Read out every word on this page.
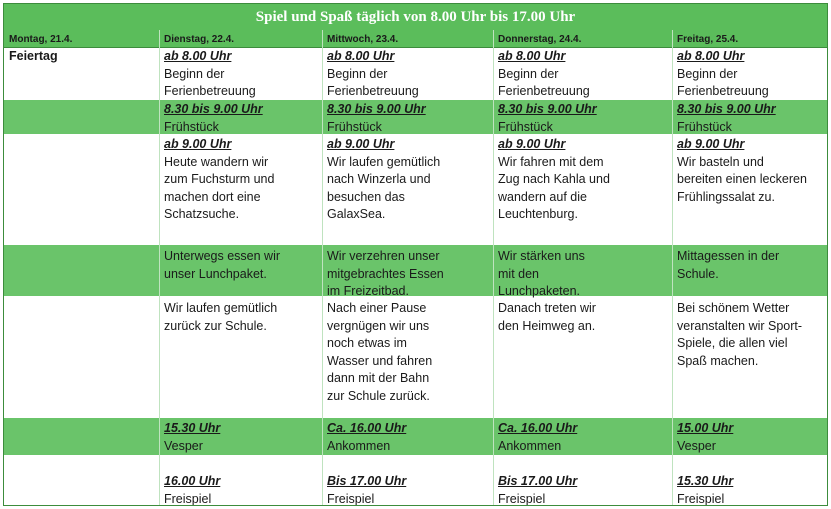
Spiel und Spaß täglich von 8.00 Uhr bis 17.00 Uhr
Montag, 21.4.
Feiertag
Dienstag, 22.4.
ab 8.00 Uhr
Beginn der
Ferienbetreuung
8.30 bis 9.00 Uhr
Frühstück
ab 9.00 Uhr
Heute wandern wir
zum Fuchsturm und
machen dort eine
Schatzsuche.
Unterwegs essen wir
unser Lunchpaket.
Wir laufen gemütlich
zurück zur Schule.
15.30 Uhr
Vesper
16.00 Uhr
Freispiel
Mittwoch, 23.4.
ab 8.00 Uhr
Beginn der
Ferienbetreuung
8.30 bis 9.00 Uhr
Frühstück
ab 9.00 Uhr
Wir laufen gemütlich
nach Winzerla und
besuchen das
GalaxSea.
Wir verzehren unser
mitgebrachtes Essen
im Freizeitbad.
Nach einer Pause
vergnügen wir uns
noch etwas im
Wasser und fahren
dann mit der Bahn
zur Schule zurück.
Ca. 16.00 Uhr
Ankommen
Bis 17.00 Uhr
Freispiel
Donnerstag, 24.4.
ab 8.00 Uhr
Beginn der
Ferienbetreuung
8.30 bis 9.00 Uhr
Frühstück
ab 9.00 Uhr
Wir fahren mit dem
Zug nach Kahla und
wandern auf die
Leuchtenburg.
Wir stärken uns
mit den
Lunchpaketen.
Danach treten wir
den Heimweg an.
Ca. 16.00 Uhr
Ankommen
Bis 17.00 Uhr
Freispiel
Freitag, 25.4.
ab 8.00 Uhr
Beginn der
Ferienbetreuung
8.30 bis 9.00 Uhr
Frühstück
ab 9.00 Uhr
Wir basteln und
bereiten einen leckeren
Frühlingssalat zu.
Mittagessen in der
Schule.
Bei schönem Wetter
veranstalten wir Sport-
Spiele, die allen viel
Spaß machen.
15.00 Uhr
Vesper
15.30 Uhr
Freispiel
